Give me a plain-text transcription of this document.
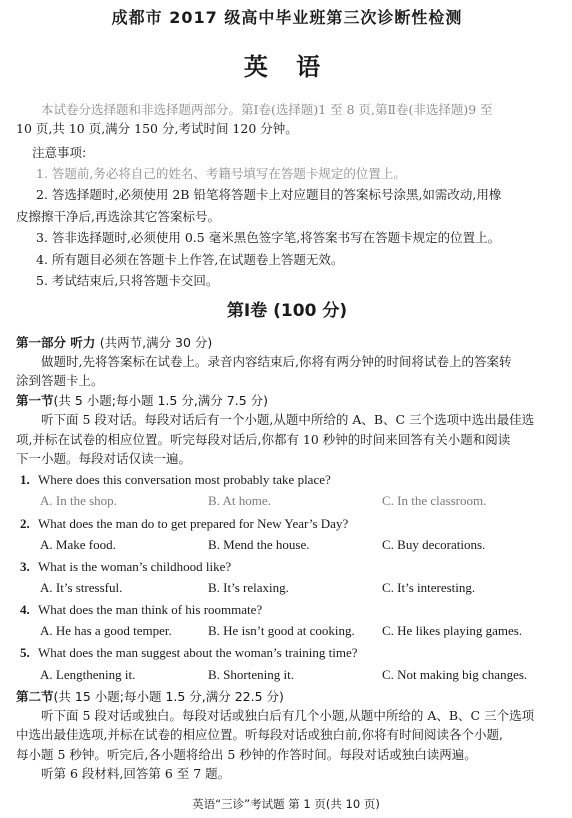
成都市 2017 级高中毕业班第三次诊断性检测
英 语

本试卷分选择题和非选择题两部分。第Ⅰ卷(选择题)1 至 8 页,第Ⅱ卷(非选择题)9 至

10 页,共 10 页,满分 150 分,考试时间 120 分钟。

注意事项:

1. 答题前,务必将自己的姓名、考籍号填写在答题卡规定的位置上。

2. 答选择题时,必须使用 2B 铅笔将答题卡上对应题目的答案标号涂黑,如需改动,用橡

皮擦擦干净后,再选涂其它答案标号。

3. 答非选择题时,必须使用 0.5 毫米黑色签字笔,将答案书写在答题卡规定的位置上。

4. 所有题目必须在答题卡上作答,在试题卷上答题无效。

5. 考试结束后,只将答题卡交回。

第Ⅰ卷 (100 分)

第一部分 听力 (共两节,满分 30 分)

做题时,先将答案标在试卷上。录音内容结束后,你将有两分钟的时间将试卷上的答案转

涂到答题卡上。

第一节(共 5 小题;每小题 1.5 分,满分 7.5 分)

听下面 5 段对话。每段对话后有一个小题,从题中所给的 A、B、C 三个选项中选出最佳选

项,并标在试卷的相应位置。听完每段对话后,你都有 10 秒钟的时间来回答有关小题和阅读

下一小题。每段对话仅读一遍。

1. Where does this conversation most probably take place?
A. In the shop.	B. At home.	C. In the classroom.
2. What does the man do to get prepared for New Year’s Day?
A. Make food.	B. Mend the house.	C. Buy decorations.
3. What is the woman’s childhood like?
A. It’s stressful.	B. It’s relaxing.	C. It’s interesting.
4. What does the man think of his roommate?
A. He has a good temper.	B. He isn’t good at cooking.	C. He likes playing games.
5. What does the man suggest about the woman’s training time?
A. Lengthening it.	B. Shortening it.	C. Not making big changes.

第二节(共 15 小题;每小题 1.5 分,满分 22.5 分)

听下面 5 段对话或独白。每段对话或独白后有几个小题,从题中所给的 A、B、C 三个选项

中选出最佳选项,并标在试卷的相应位置。听每段对话或独白前,你将有时间阅读各个小题,

每小题 5 秒钟。听完后,各小题将给出 5 秒钟的作答时间。每段对话或独白读两遍。

听第 6 段材料,回答第 6 至 7 题。

英语“三诊”考试题 第 1 页(共 10 页)
